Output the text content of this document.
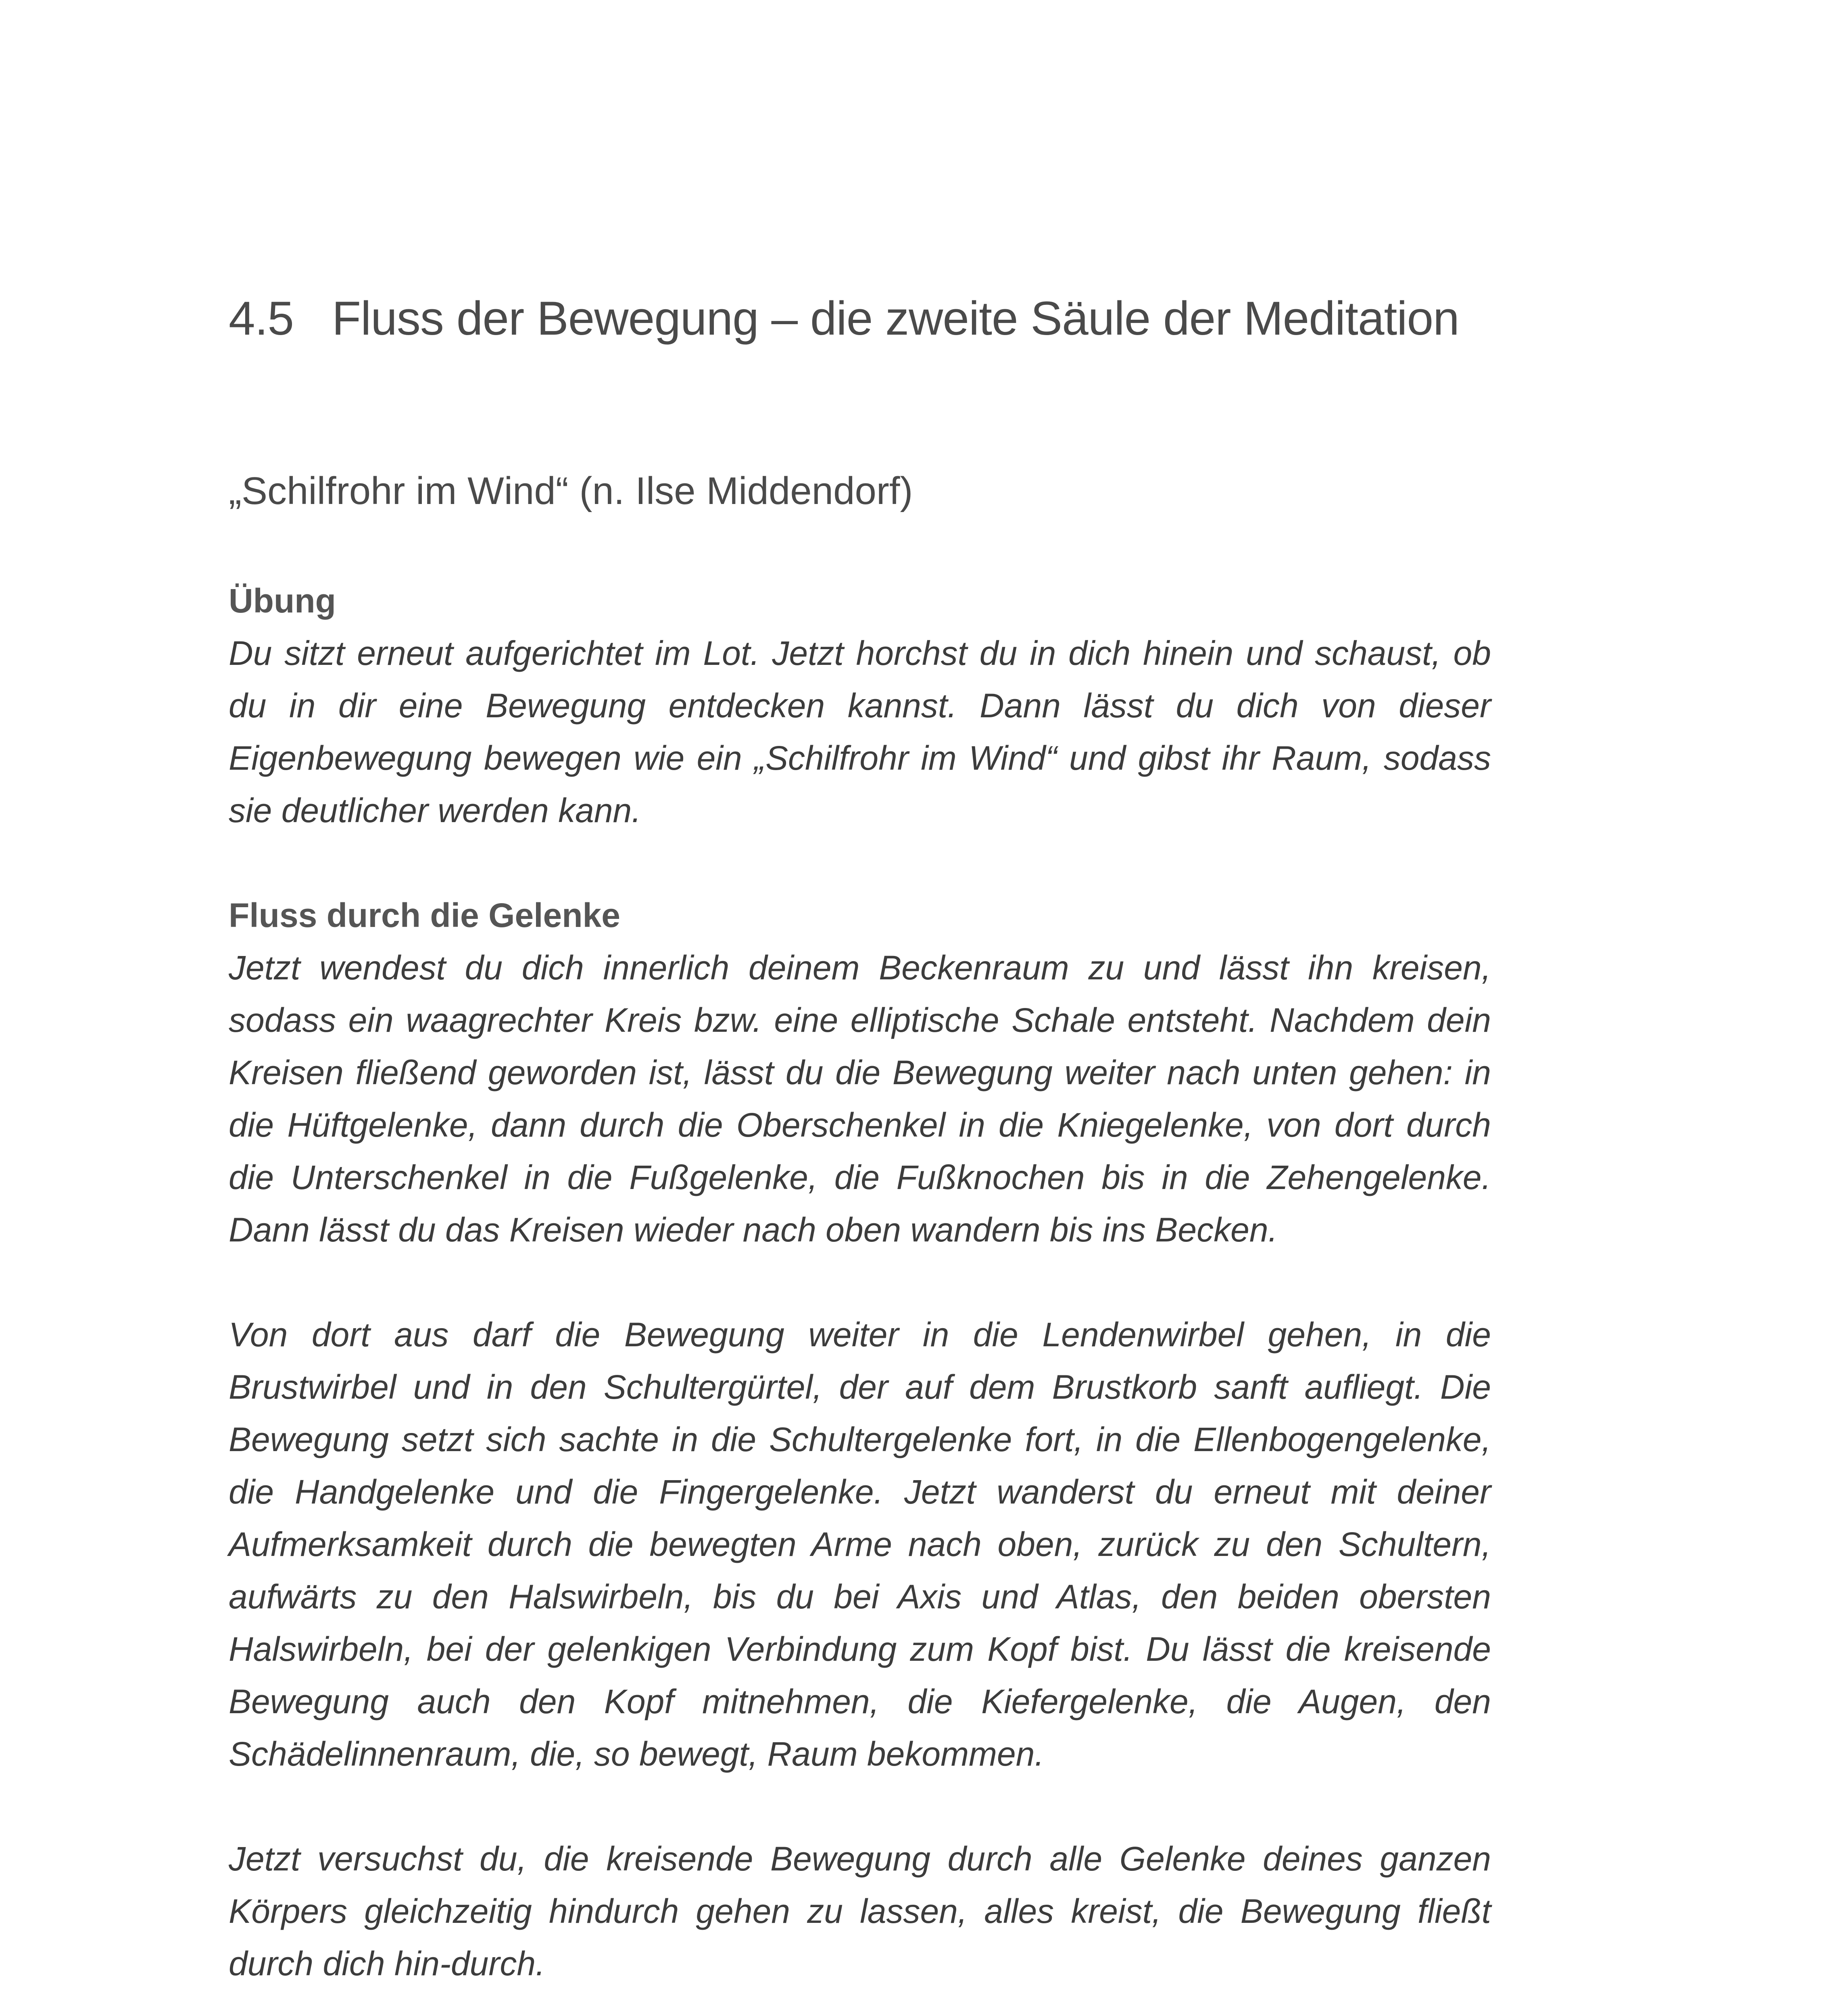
4.5 Fluss der Bewegung – die zweite Säule der Meditation
„Schilfrohr im Wind“ (n. Ilse Middendorf)

Übung

Du sitzt erneut aufgerichtet im Lot. Jetzt horchst du in dich hinein und schaust, ob du in dir eine Bewegung entdecken kannst. Dann lässt du dich von dieser Eigenbewegung bewegen wie ein „Schilfrohr im Wind“ und gibst ihr Raum, sodass sie deutlicher werden kann.

Fluss durch die Gelenke

Jetzt wendest du dich innerlich deinem Beckenraum zu und lässt ihn kreisen, sodass ein waagrechter Kreis bzw. eine elliptische Schale entsteht. Nachdem dein Kreisen fließend geworden ist, lässt du die Bewegung weiter nach unten gehen: in die Hüftgelenke, dann durch die Oberschenkel in die Kniegelenke, von dort durch die Unterschenkel in die Fußgelenke, die Fußknochen bis in die Zehengelenke. Dann lässt du das Kreisen wieder nach oben wandern bis ins Becken.

Von dort aus darf die Bewegung weiter in die Lendenwirbel gehen, in die Brustwirbel und in den Schultergürtel, der auf dem Brustkorb sanft aufliegt. Die Bewegung setzt sich sachte in die Schultergelenke fort, in die Ellenbogengelenke, die Handgelenke und die Fingergelenke. Jetzt wanderst du erneut mit deiner Aufmerksamkeit durch die bewegten Arme nach oben, zurück zu den Schultern, aufwärts zu den Halswirbeln, bis du bei Axis und Atlas, den beiden obersten Halswirbeln, bei der gelenkigen Verbindung zum Kopf bist. Du lässt die kreisende Bewegung auch den Kopf mitnehmen, die Kiefergelenke, die Augen, den Schädelinnenraum, die, so bewegt, Raum bekommen.

Jetzt versuchst du, die kreisende Bewegung durch alle Gelenke deines ganzen Körpers gleichzeitig hindurch gehen zu lassen, alles kreist, die Bewegung fließt durch dich hin-durch.
